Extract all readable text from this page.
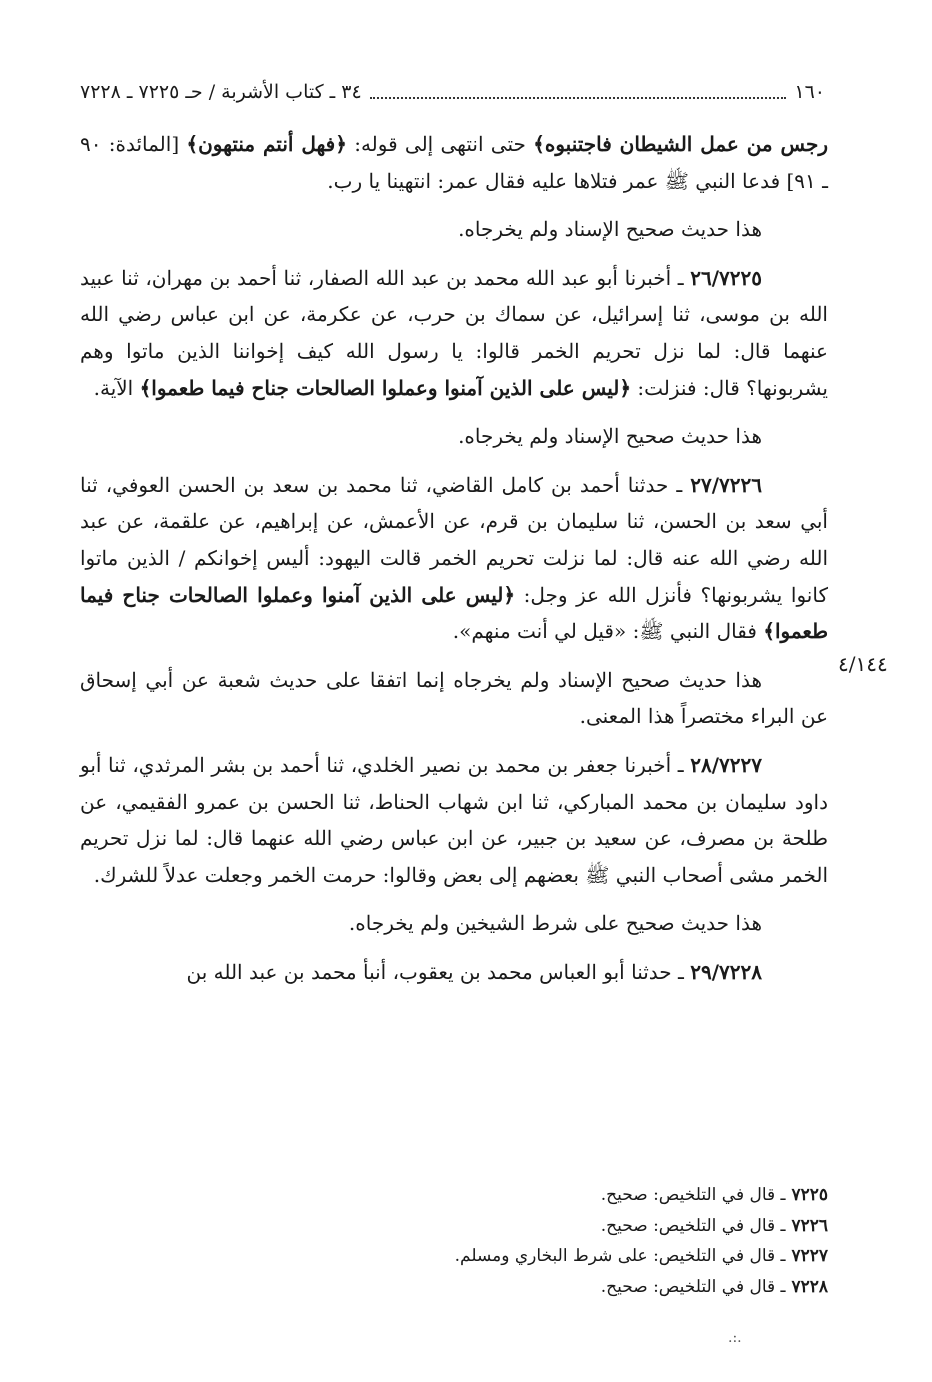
١٦٠
٣٤ ـ كتاب الأشربة / حـ ٧٢٢٥ ـ ٧٢٢٨

رجس من عمل الشيطان فاجتنبوه﴾ حتى انتهى إلى قوله: ﴿فهل أنتم منتهون﴾ [المائدة: ٩٠ ـ ٩١] فدعا النبي ﷺ عمر فتلاها عليه فقال عمر: انتهينا يا رب.

هذا حديث صحيح الإسناد ولم يخرجاه.

٢٦/٧٢٢٥ ـ أخبرنا أبو عبد الله محمد بن عبد الله الصفار، ثنا أحمد بن مهران، ثنا عبيد الله بن موسى، ثنا إسرائيل، عن سماك بن حرب، عن عكرمة، عن ابن عباس رضي الله عنهما قال: لما نزل تحريم الخمر قالوا: يا رسول الله كيف إخواننا الذين ماتوا وهم يشربونها؟ قال: فنزلت: ﴿ليس على الذين آمنوا وعملوا الصالحات جناح فيما طعموا﴾ الآية.

هذا حديث صحيح الإسناد ولم يخرجاه.

٢٧/٧٢٢٦ ـ حدثنا أحمد بن كامل القاضي، ثنا محمد بن سعد بن الحسن العوفي، ثنا أبي سعد بن الحسن، ثنا سليمان بن قرم، عن الأعمش، عن إبراهيم، عن علقمة، عن عبد الله رضي الله عنه قال: لما نزلت تحريم الخمر قالت اليهود: أليس إخوانكم / الذين ماتوا كانوا يشربونها؟ فأنزل الله عز وجل: ﴿ليس على الذين آمنوا وعملوا الصالحات جناح فيما طعموا﴾ فقال النبي ﷺ: «قيل لي أنت منهم».

هذا حديث صحيح الإسناد ولم يخرجاه إنما اتفقا على حديث شعبة عن أبي إسحاق عن البراء مختصراً هذا المعنى.

٢٨/٧٢٢٧ ـ أخبرنا جعفر بن محمد بن نصير الخلدي، ثنا أحمد بن بشر المرثدي، ثنا أبو داود سليمان بن محمد المباركي، ثنا ابن شهاب الحناط، ثنا الحسن بن عمرو الفقيمي، عن طلحة بن مصرف، عن سعيد بن جبير، عن ابن عباس رضي الله عنهما قال: لما نزل تحريم الخمر مشى أصحاب النبي ﷺ بعضهم إلى بعض وقالوا: حرمت الخمر وجعلت عدلاً للشرك.

هذا حديث صحيح على شرط الشيخين ولم يخرجاه.

٢٩/٧٢٢٨ ـ حدثنا أبو العباس محمد بن يعقوب، أنبأ محمد بن عبد الله بن

٤/١٤٤
٧٢٢٥ ـ قال في التلخيص: صحيح.
٧٢٢٦ ـ قال في التلخيص: صحيح.
٧٢٢٧ ـ قال في التلخيص: على شرط البخاري ومسلم.
٧٢٢٨ ـ قال في التلخيص: صحيح.
.:.
